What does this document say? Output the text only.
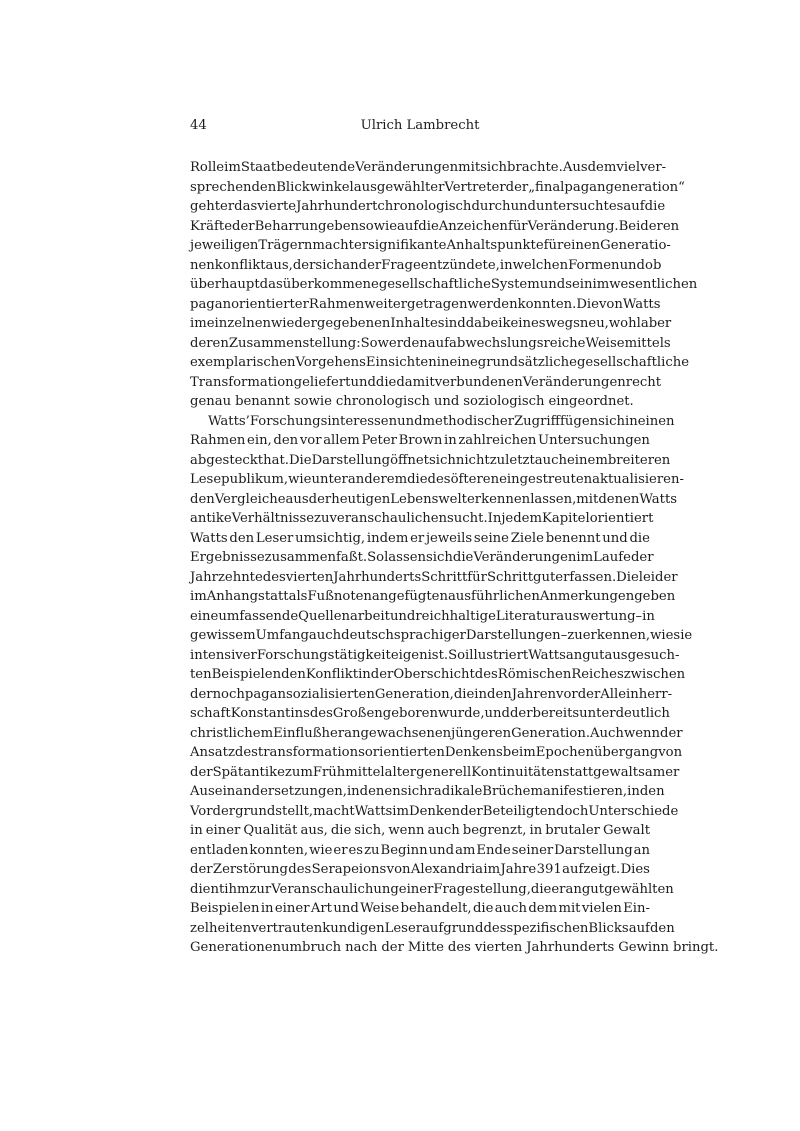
44	Ulrich Lambrecht
Rolle im Staat bedeutende Veränderungen mit sich brachte. Aus dem vielver-
sprechenden Blickwinkel ausgewählter Vertreter der „final pagan generation“
geht er das vierte Jahrhundert chronologisch durch und untersucht es auf die
Kräfte der Beharrung ebenso wie auf die Anzeichen für Veränderung. Bei deren
jeweiligen Trägern macht er signifikante Anhaltspunkte für einen Generatio-
nenkonflikt aus, der sich an der Frage entzündete, in welchen Formen und ob
überhaupt das überkommene gesellschaftliche System und sein im wesentlichen
pagan orientierter Rahmen weitergetragen werden konnten. Die von Watts
im einzelnen wiedergegebenen Inhalte sind dabei keineswegs neu, wohl aber
deren Zusammenstellung: So werden auf abwechslungsreiche Weise mittels
exemplarischen Vorgehens Einsichten in eine grundsätzliche gesellschaftliche
Transformation geliefert und die damit verbundenen Veränderungen recht
genau benannt sowie chronologisch und soziologisch eingeordnet.
Watts’ Forschungsinteressen und methodischer Zugriff fügen sich in einen
Rahmen ein, den vor allem Peter Brown in zahlreichen Untersuchungen
abgesteckt hat. Die Darstellung öffnet sich nicht zuletzt auch einem breiteren
Lesepublikum, wie unter anderem die des öfteren eingestreuten aktualisieren-
den Vergleiche aus der heutigen Lebenswelt erkennen lassen, mit denen Watts
antike Verhältnisse zu veranschaulichen sucht. In jedem Kapitel orientiert
Watts den Leser umsichtig, indem er jeweils seine Ziele benennt und die
Ergebnisse zusammenfaßt. So lassen sich die Veränderungen im Laufe der
Jahrzehnte des vierten Jahrhunderts Schritt für Schritt gut erfassen. Die leider
im Anhang statt als Fußnoten angefügten ausführlichen Anmerkungen geben
eine umfassende Quellenarbeit und reichhaltige Literaturauswertung – in
gewissem Umfang auch deutschsprachiger Darstellungen – zu erkennen, wie sie
intensiver Forschungstätigkeit eigen ist. So illustriert Watts an gut ausgesuch-
ten Beispielen den Konflikt in der Oberschicht des Römischen Reiches zwischen
der noch pagan sozialisierten Generation, die in den Jahren vor der Alleinherr-
schaft Konstantins des Großen geboren wurde, und der bereits unter deutlich
christlichem Einfluß herangewachsenen jüngeren Generation. Auch wenn der
Ansatz des transformationsorientierten Denkens beim Epochenübergang von
der Spätantike zum Frühmittelalter generell Kontinuitäten statt gewaltsamer
Auseinandersetzungen, in denen sich radikale Brüche manifestieren, in den
Vordergrund stellt, macht Watts im Denken der Beteiligten doch Unterschiede
in einer Qualität aus, die sich, wenn auch begrenzt, in brutaler Gewalt
entladen konnten, wie er es zu Beginn und am Ende seiner Darstellung an
der Zerstörung des Serapeions von Alexandria im Jahre 391 aufzeigt. Dies
dient ihm zur Veranschaulichung einer Fragestellung, die er an gut gewählten
Beispielen in einer Art und Weise behandelt, die auch dem mit vielen Ein-
zelheiten vertrauten kundigen Leser aufgrund des spezifischen Blicks auf den
Generationenumbruch nach der Mitte des vierten Jahrhunderts Gewinn bringt.
